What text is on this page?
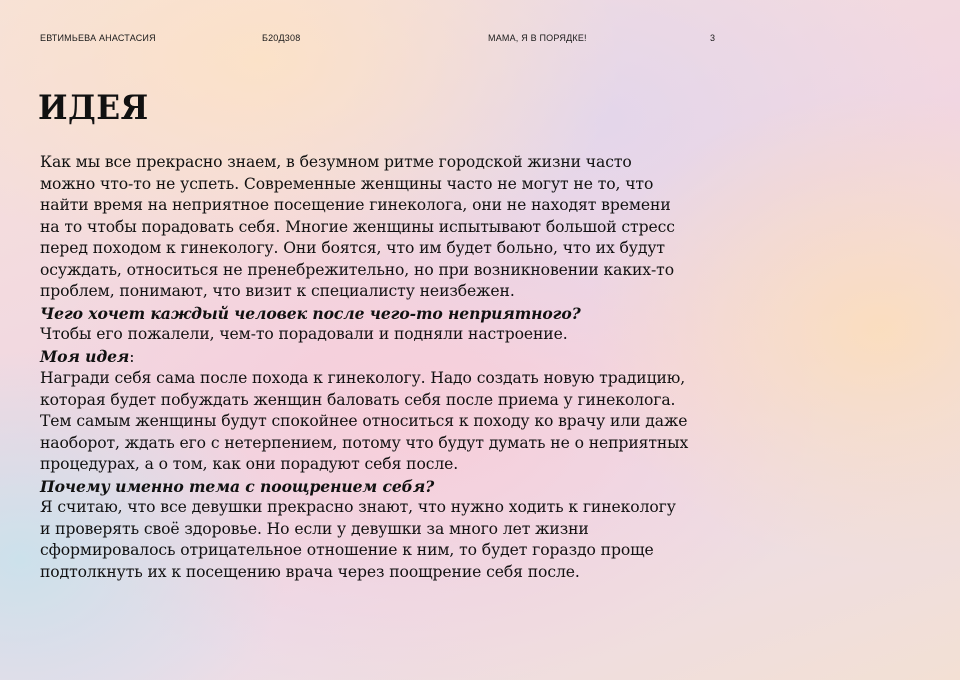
ЕВТИМЬЕВА АНАСТАСИЯ	Б20Д308	МАМА, Я В ПОРЯДКЕ!	3
ИДЕЯ
Как мы все прекрасно знаем, в безумном ритме городской жизни часто
можно что-то не успеть. Современные женщины часто не могут не то, что
найти время на неприятное посещение гинеколога, они не находят времени
на то чтобы порадовать себя. Многие женщины испытывают большой стресс
перед походом к гинекологу. Они боятся, что им будет больно, что их будут
осуждать, относиться не пренебрежительно, но при возникновении каких-то
проблем, понимают, что визит к специалисту неизбежен.
Чего хочет каждый человек после чего-то неприятного?
Чтобы его пожалели, чем-то порадовали и подняли настроение.
Моя идея:
Награди себя сама после похода к гинекологу. Надо создать новую традицию,
которая будет побуждать женщин баловать себя после приема у гинеколога.
Тем самым женщины будут спокойнее относиться к походу ко врачу или даже
наоборот, ждать его с нетерпением, потому что будут думать не о неприятных
процедурах, а о том, как они порадуют себя после.
Почему именно тема с поощрением себя?
Я считаю, что все девушки прекрасно знают, что нужно ходить к гинекологу
и проверять своё здоровье. Но если у девушки за много лет жизни
сформировалось отрицательное отношение к ним, то будет гораздо проще
подтолкнуть их к посещению врача через поощрение себя после.
